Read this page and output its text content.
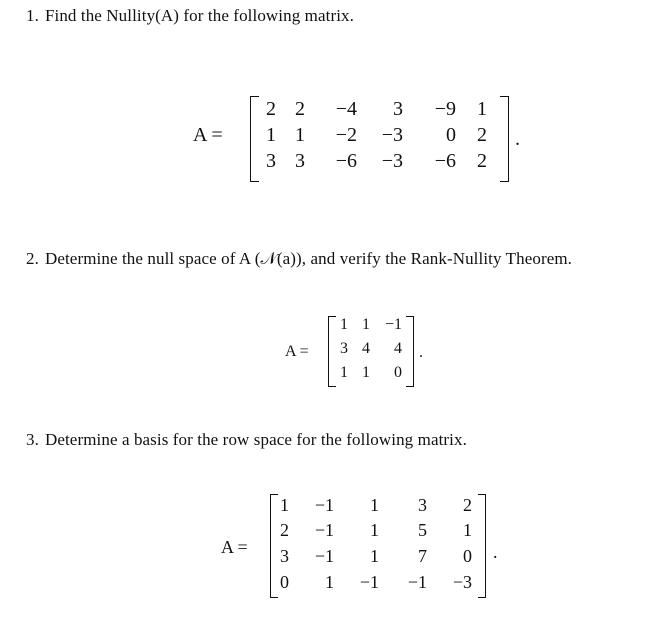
1. Find the Nullity(A) for the following matrix.
A =
2 2	−4	3	−9	1
1 1	−2	−3	0	2
3 3	−6	−3	−6	2
.
2. Determine the null space of A (𝒩(a)), and verify the Rank-Nullity Theorem.
A =
1 1 −1
3 4	4
1 1	0
.
3. Determine a basis for the row space for the following matrix.
A =
1	−1	1	3	2
2	−1	1	5	1
3	−1	1	7	0
0	1	−1	−1	−3
.
